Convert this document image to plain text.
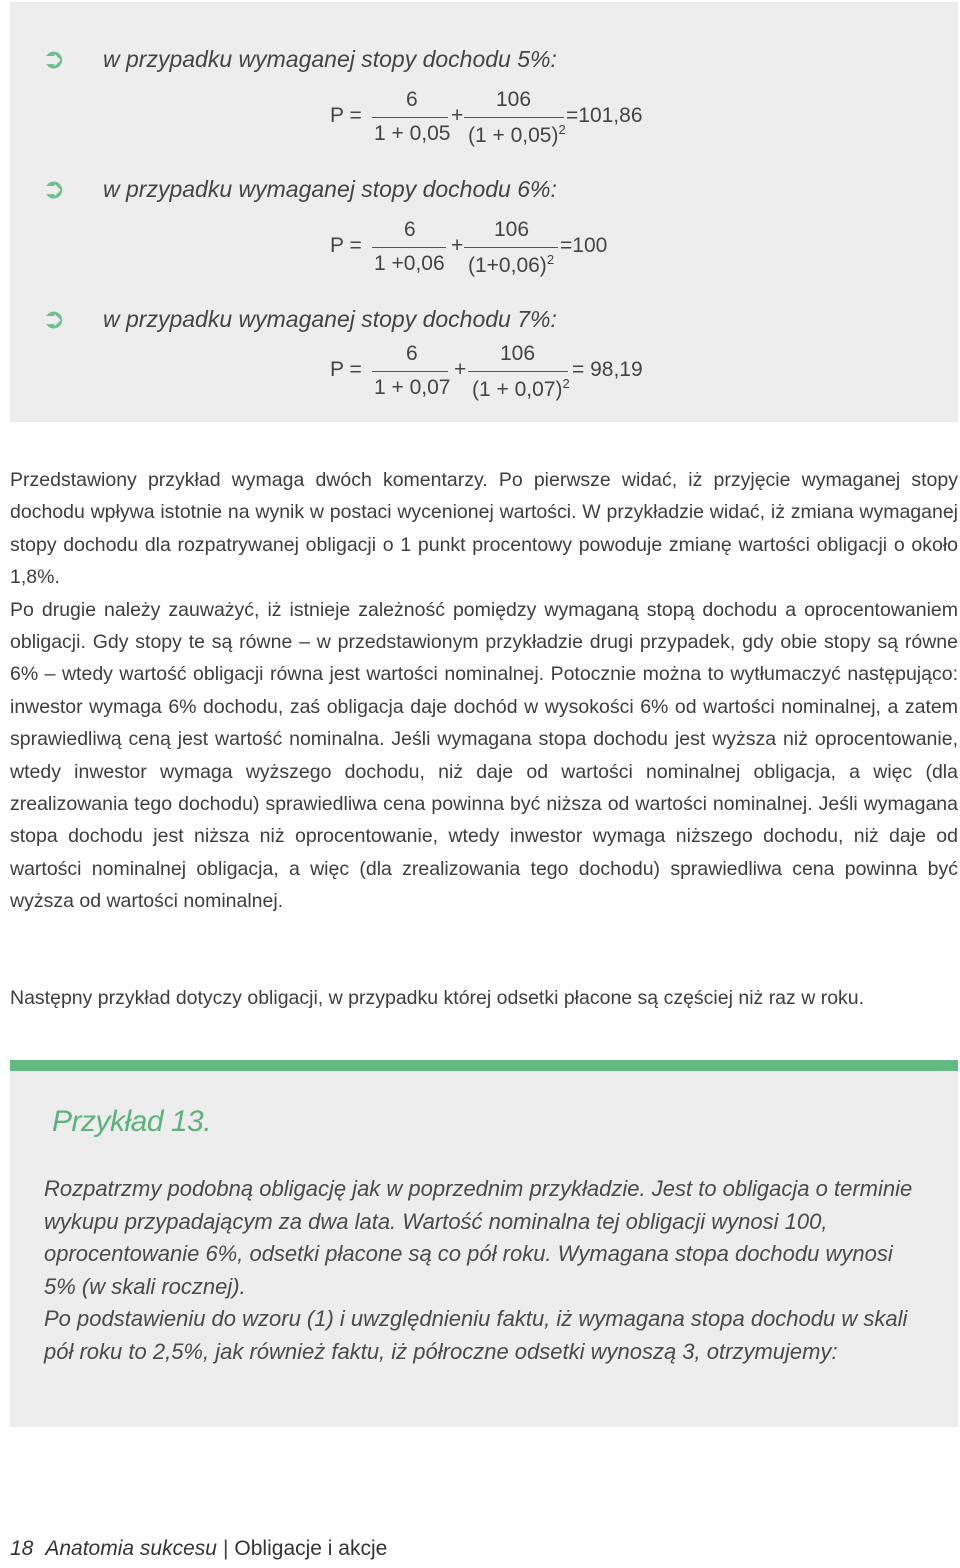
➲ w przypadku wymaganej stopy dochodu 5%:
P =
6
1 + 0,05
+
106
$(1 + 0,05)^2$
=101,86
➲ w przypadku wymaganej stopy dochodu 6%:
P =
6
1 +0,06
+
106
$(1+0,06)^2$
=100
➲ w przypadku wymaganej stopy dochodu 7%:
P =
6
1 + 0,07
+
106
$(1 + 0,07)^2$
= 98,19

Przedstawiony przykład wymaga dwóch komentarzy. Po pierwsze widać, iż przyjęcie wymaganej stopy dochodu wpływa istotnie na wynik w postaci wycenionej wartości. W przykładzie widać, iż zmiana wymaganej stopy dochodu dla rozpatrywanej obligacji o 1 punkt procentowy powoduje zmianę wartości obligacji o około 1,8%.

Po drugie należy zauważyć, iż istnieje zależność pomiędzy wymaganą stopą dochodu a oprocentowaniem obligacji. Gdy stopy te są równe – w przedstawionym przykładzie drugi przypadek, gdy obie stopy są równe 6% – wtedy wartość obligacji równa jest wartości nominalnej. Potocznie można to wytłumaczyć następująco: inwestor wymaga 6% dochodu, zaś obligacja daje dochód w wysokości 6% od wartości nominalnej, a zatem sprawiedliwą ceną jest wartość nominalna. Jeśli wymagana stopa dochodu jest wyższa niż oprocentowanie, wtedy inwestor wymaga wyższego dochodu, niż daje od wartości nominalnej obligacja, a więc (dla zrealizowania tego dochodu) sprawiedliwa cena powinna być niższa od wartości nominalnej. Jeśli wymagana stopa dochodu jest niższa niż oprocentowanie, wtedy inwestor wymaga niższego dochodu, niż daje od wartości nominalnej obligacja, a więc (dla zrealizowania tego dochodu) sprawiedliwa cena powinna być wyższa od wartości nominalnej.

Następny przykład dotyczy obligacji, w przypadku której odsetki płacone są częściej niż raz w roku.
Przykład 13.

Rozpatrzmy podobną obligację jak w poprzednim przykładzie. Jest to obligacja o terminie wykupu przypadającym za dwa lata. Wartość nominalna tej obligacji wynosi 100, oprocentowanie 6%, odsetki płacone są co pół roku. Wymagana stopa dochodu wynosi 5% (w skali rocznej).

Po podstawieniu do wzoru (1) i uwzględnieniu faktu, iż wymagana stopa dochodu w skali pół roku to 2,5%, jak również faktu, iż półroczne odsetki wynoszą 3, otrzymujemy:

18 Anatomia sukcesu | Obligacje i akcje
